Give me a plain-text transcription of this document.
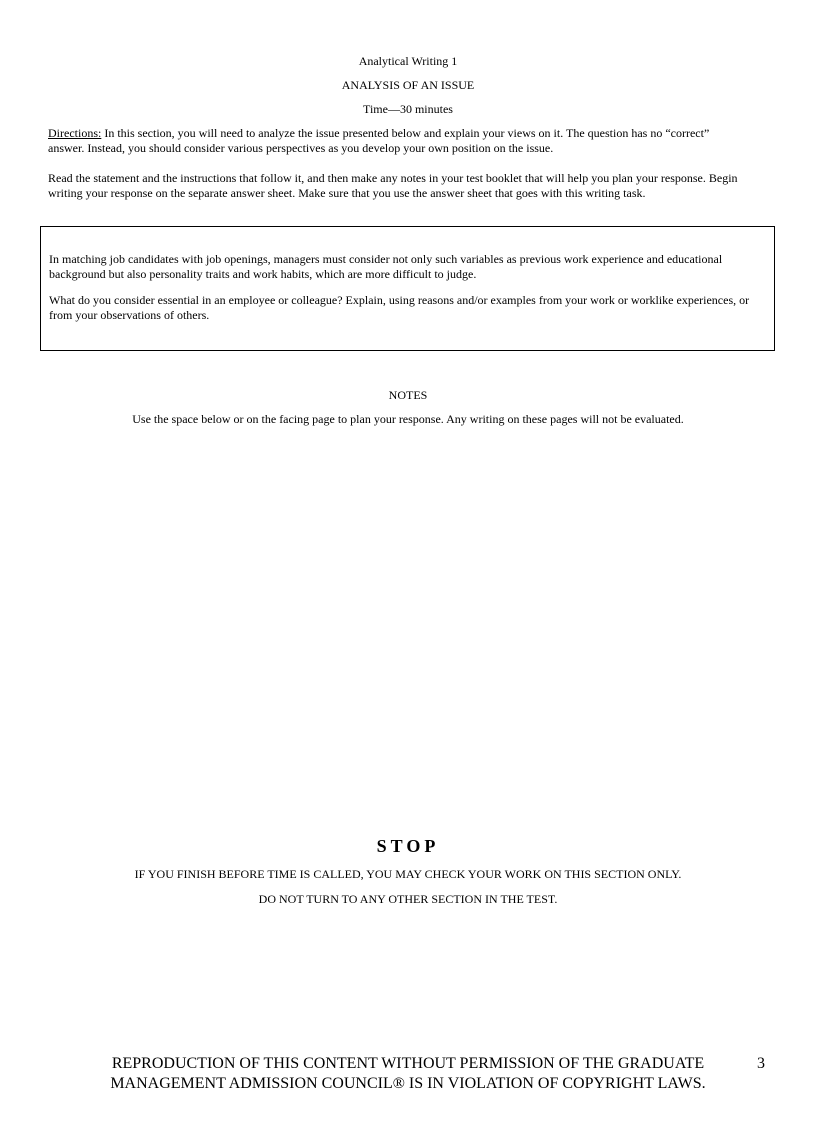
Analytical Writing 1
ANALYSIS OF AN ISSUE
Time—30 minutes
Directions: In this section, you will need to analyze the issue presented below and explain your views on it. The question has no “correct” answer. Instead, you should consider various perspectives as you develop your own position on the issue.
Read the statement and the instructions that follow it, and then make any notes in your test booklet that will help you plan your response. Begin writing your response on the separate answer sheet. Make sure that you use the answer sheet that goes with this writing task.
In matching job candidates with job openings, managers must consider not only such variables as previous work experience and educational background but also personality traits and work habits, which are more difficult to judge.
What do you consider essential in an employee or colleague? Explain, using reasons and/or examples from your work or worklike experiences, or from your observations of others.
NOTES
Use the space below or on the facing page to plan your response. Any writing on these pages will not be evaluated.
STOP
IF YOU FINISH BEFORE TIME IS CALLED, YOU MAY CHECK YOUR WORK ON THIS SECTION ONLY.
DO NOT TURN TO ANY OTHER SECTION IN THE TEST.
REPRODUCTION OF THIS CONTENT WITHOUT PERMISSION OF THE GRADUATE
MANAGEMENT ADMISSION COUNCIL® IS IN VIOLATION OF COPYRIGHT LAWS.
3
